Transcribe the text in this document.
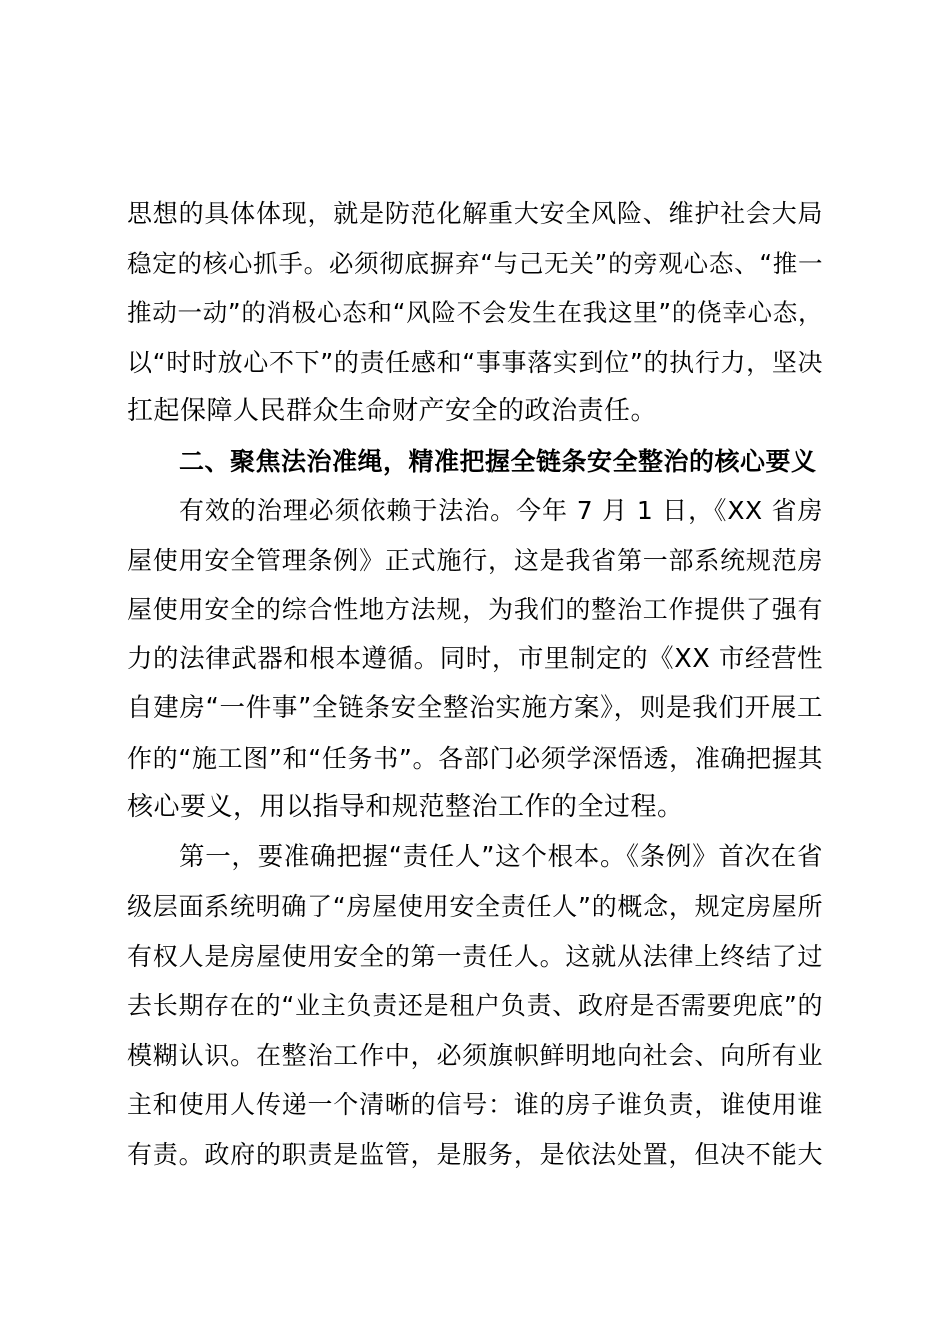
思想的具体体现，就是防范化解重大安全风险、维护社会大局
稳定的核心抓手。必须彻底摒弃“与己无关”的旁观心态、“推一
推动一动”的消极心态和“风险不会发生在我这里”的侥幸心态，
以“时时放心不下”的责任感和“事事落实到位”的执行力，坚决
扛起保障人民群众生命财产安全的政治责任。
二、聚焦法治准绳，精准把握全链条安全整治的核心要义
有效的治理必须依赖于法治。今年 7 月 1 日，《XX 省房
屋使用安全管理条例》正式施行，这是我省第一部系统规范房
屋使用安全的综合性地方法规，为我们的整治工作提供了强有
力的法律武器和根本遵循。同时，市里制定的《XX 市经营性
自建房“一件事”全链条安全整治实施方案》，则是我们开展工
作的“施工图”和“任务书”。各部门必须学深悟透，准确把握其
核心要义，用以指导和规范整治工作的全过程。
第一，要准确把握“责任人”这个根本。《条例》首次在省
级层面系统明确了“房屋使用安全责任人”的概念，规定房屋所
有权人是房屋使用安全的第一责任人。这就从法律上终结了过
去长期存在的“业主负责还是租户负责、政府是否需要兜底”的
模糊认识。在整治工作中，必须旗帜鲜明地向社会、向所有业
主和使用人传递一个清晰的信号：谁的房子谁负责，谁使用谁
有责。政府的职责是监管，是服务，是依法处置，但决不能大
